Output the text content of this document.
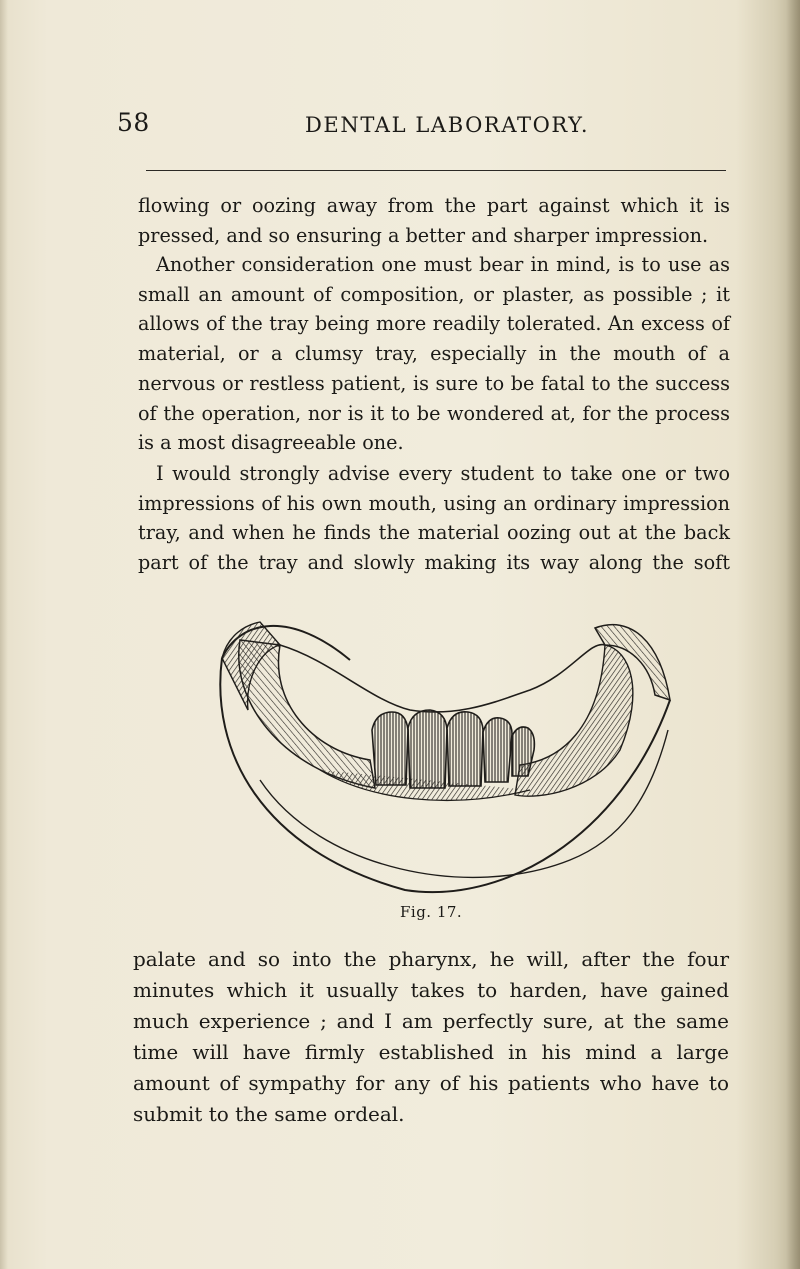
58	DENTAL LABORATORY.

flowing or oozing away from the part against which it is pressed, and so ensuring a better and sharper impression.

Another consideration one must bear in mind, is to use as small an amount of composition, or plaster, as possible ; it allows of the tray being more readily tolerated. An excess of material, or a clumsy tray, especially in the mouth of a nervous or restless patient, is sure to be fatal to the success of the operation, nor is it to be wondered at, for the process is a most disagreeable one.

I would strongly advise every student to take one or two impressions of his own mouth, using an ordinary impression tray, and when he finds the material oozing out at the back part of the tray and slowly making its way along the soft

Fig. 17.

palate and so into the pharynx, he will, after the four minutes which it usually takes to harden, have gained much experience ; and I am perfectly sure, at the same time will have firmly established in his mind a large amount of sympathy for any of his patients who have to submit to the same ordeal.
